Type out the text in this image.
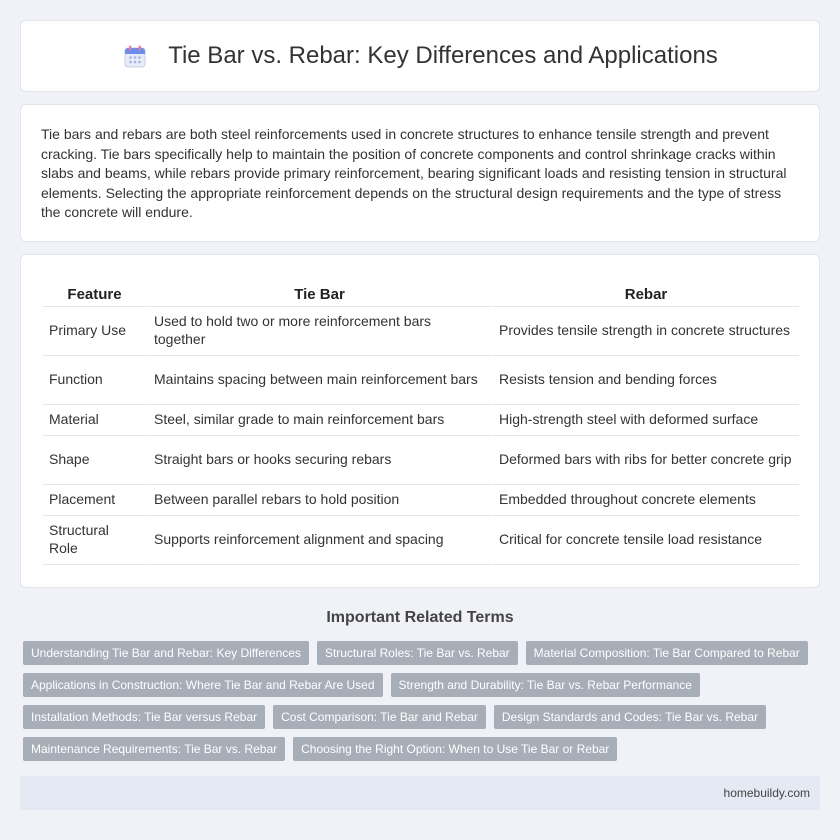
Tie Bar vs. Rebar: Key Differences and Applications

Tie bars and rebars are both steel reinforcements used in concrete structures to enhance tensile strength and prevent cracking. Tie bars specifically help to maintain the position of concrete components and control shrinkage cracks within slabs and beams, while rebars provide primary reinforcement, bearing significant loads and resisting tension in structural elements. Selecting the appropriate reinforcement depends on the structural design requirements and the type of stress the concrete will endure.

Feature	Tie Bar	Rebar
Primary Use	Used to hold two or more reinforcement bars together	Provides tensile strength in concrete structures
Function	Maintains spacing between main reinforcement bars	Resists tension and bending forces
Material	Steel, similar grade to main reinforcement bars	High-strength steel with deformed surface
Shape	Straight bars or hooks securing rebars	Deformed bars with ribs for better concrete grip
Placement	Between parallel rebars to hold position	Embedded throughout concrete elements
Structural Role	Supports reinforcement alignment and spacing	Critical for concrete tensile load resistance
Important Related Terms
Understanding Tie Bar and Rebar: Key Differences	Structural Roles: Tie Bar vs. Rebar	Material Composition: Tie Bar Compared to Rebar
Applications in Construction: Where Tie Bar and Rebar Are Used	Strength and Durability: Tie Bar vs. Rebar Performance
Installation Methods: Tie Bar versus Rebar	Cost Comparison: Tie Bar and Rebar	Design Standards and Codes: Tie Bar vs. Rebar
Maintenance Requirements: Tie Bar vs. Rebar	Choosing the Right Option: When to Use Tie Bar or Rebar
homebuildy.com
